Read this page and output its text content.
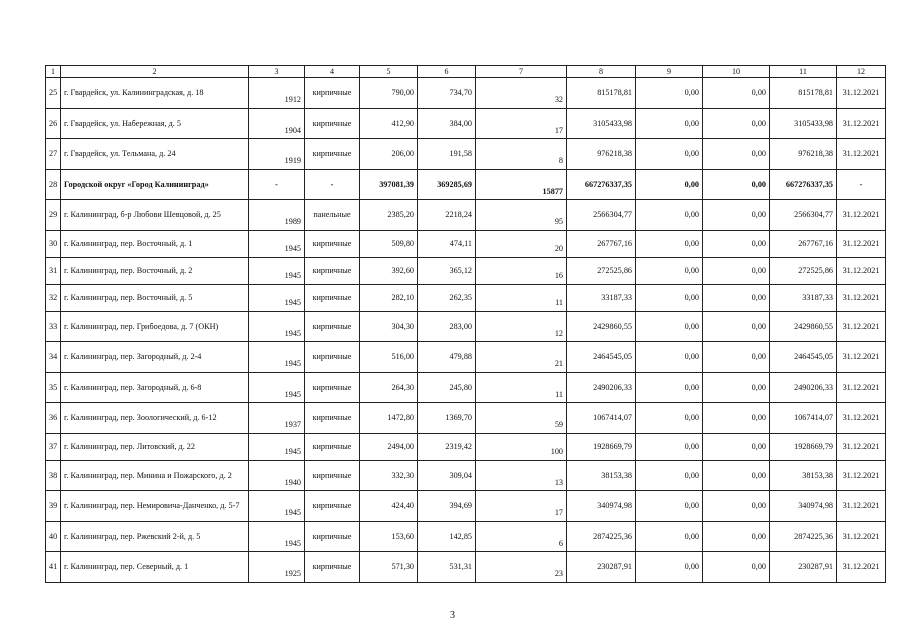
1	2	3	4	5	6	7	8	9	10	11	12
25	г. Гвардейск, ул. Калининградская, д. 18	1912	кирпичные	790,00	734,70	32	815178,81	0,00	0,00	815178,81	31.12.2021
26	г. Гвардейск, ул. Набережная, д. 5	1904	кирпичные	412,90	384,00	17	3105433,98	0,00	0,00	3105433,98	31.12.2021
27	г. Гвардейск, ул. Тельмана, д. 24	1919	кирпичные	206,00	191,58	8	976218,38	0,00	0,00	976218,38	31.12.2021
28	Городской округ «Город Калининград»	-	-	397081,39	369285,69	15877	667276337,35	0,00	0,00	667276337,35	-
29	г. Калининград, б-р Любови Шевцовой, д. 25	1989	панельные	2385,20	2218,24	95	2566304,77	0,00	0,00	2566304,77	31.12.2021
30	г. Калининград, пер. Восточный, д. 1	1945	кирпичные	509,80	474,11	20	267767,16	0,00	0,00	267767,16	31.12.2021
31	г. Калининград, пер. Восточный, д. 2	1945	кирпичные	392,60	365,12	16	272525,86	0,00	0,00	272525,86	31.12.2021
32	г. Калининград, пер. Восточный, д. 5	1945	кирпичные	282,10	262,35	11	33187,33	0,00	0,00	33187,33	31.12.2021
33	г. Калининград, пер. Грибоедова, д. 7 (ОКН)	1945	кирпичные	304,30	283,00	12	2429860,55	0,00	0,00	2429860,55	31.12.2021
34	г. Калининград, пер. Загородный, д. 2-4	1945	кирпичные	516,00	479,88	21	2464545,05	0,00	0,00	2464545,05	31.12.2021
35	г. Калининград, пер. Загородный, д. 6-8	1945	кирпичные	264,30	245,80	11	2490206,33	0,00	0,00	2490206,33	31.12.2021
36	г. Калининград, пер. Зоологический, д. 6-12	1937	кирпичные	1472,80	1369,70	59	1067414,07	0,00	0,00	1067414,07	31.12.2021
37	г. Калининград, пер. Литовский, д. 22	1945	кирпичные	2494,00	2319,42	100	1928669,79	0,00	0,00	1928669,79	31.12.2021
38	г. Калининград, пер. Минина и Пожарского, д. 2	1940	кирпичные	332,30	309,04	13	38153,38	0,00	0,00	38153,38	31.12.2021
39	г. Калининград, пер. Немировича-Данченко, д. 5-7	1945	кирпичные	424,40	394,69	17	340974,98	0,00	0,00	340974,98	31.12.2021
40	г. Калининград, пер. Ржевский 2-й, д. 5	1945	кирпичные	153,60	142,85	6	2874225,36	0,00	0,00	2874225,36	31.12.2021
41	г. Калининград, пер. Северный, д. 1	1925	кирпичные	571,30	531,31	23	230287,91	0,00	0,00	230287,91	31.12.2021
3
